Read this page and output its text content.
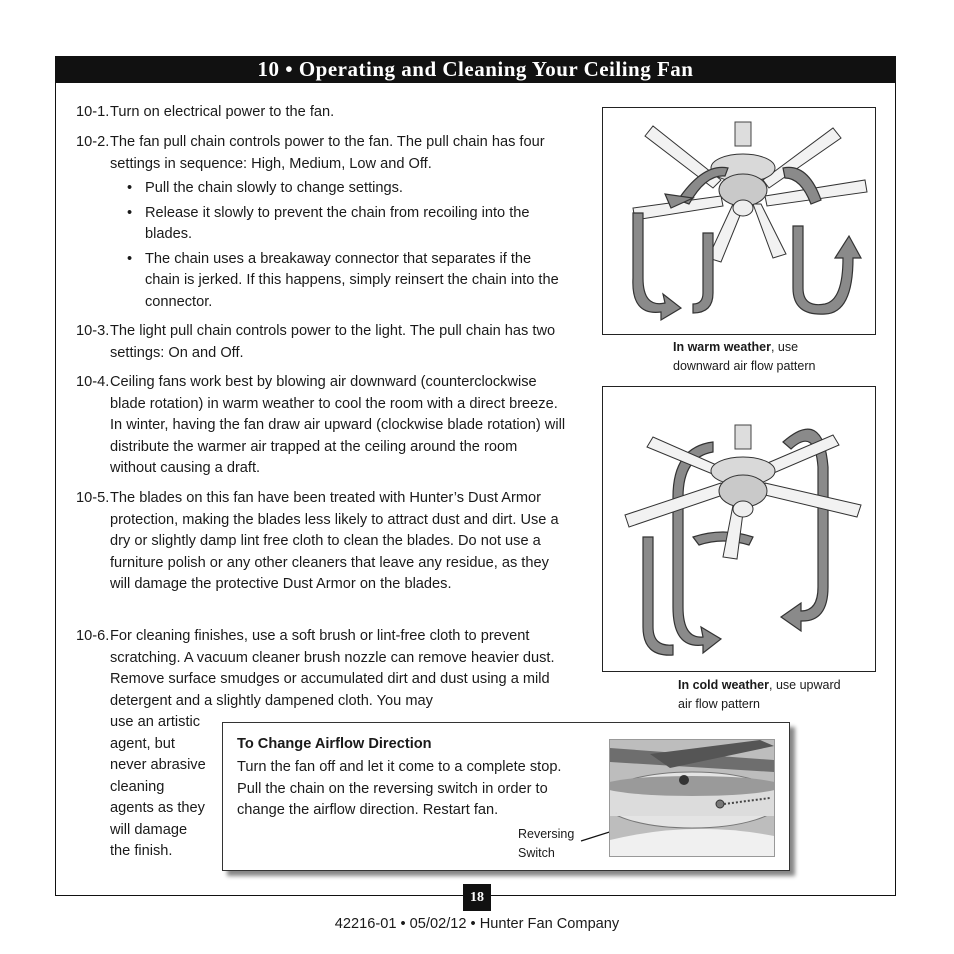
10 • Operating and Cleaning Your Ceiling Fan
10-1. Turn on electrical power to the fan.
10-2. The fan pull chain controls power to the fan. The pull chain has four settings in sequence: High, Medium, Low and Off.
• Pull the chain slowly to change settings.
• Release it slowly to prevent the chain from recoiling into the blades.
• The chain uses a breakaway connector that separates if the chain is jerked. If this happens, simply reinsert the chain into the connector.
10-3. The light pull chain controls power to the light. The pull chain has two settings: On and Off.
10-4. Ceiling fans work best by blowing air downward (counterclockwise blade rotation) in warm weather to cool the room with a direct breeze. In winter, having the fan draw air upward (clockwise blade rotation) will distribute the warmer air trapped at the ceiling around the room without causing a draft.
10-5. The blades on this fan have been treated with Hunter’s Dust Armor protection, making the blades less likely to attract dust and dirt. Use a dry or slightly damp lint free cloth to clean the blades. Do not use a furniture polish or any other cleaners that leave any residue, as they will damage the protective Dust Armor on the blades.
10-6. For cleaning finishes, use a soft brush or lint-free cloth to prevent scratching. A vacuum cleaner brush nozzle can remove heavier dust. Remove surface smudges or accumulated dirt and dust using a mild detergent and a slightly dampened cloth. You may
use an artistic
agent, but
never abrasive
cleaning
agents as they
will damage
the finish.
In warm weather, use
downward air flow pattern
In cold weather, use upward
air flow pattern
To Change Airflow Direction
Turn the fan off and let it come to a complete stop. Pull the chain on the reversing switch in order to change the airflow direction. Restart fan.
Reversing
Switch
18
42216-01 • 05/02/12 • Hunter Fan Company
